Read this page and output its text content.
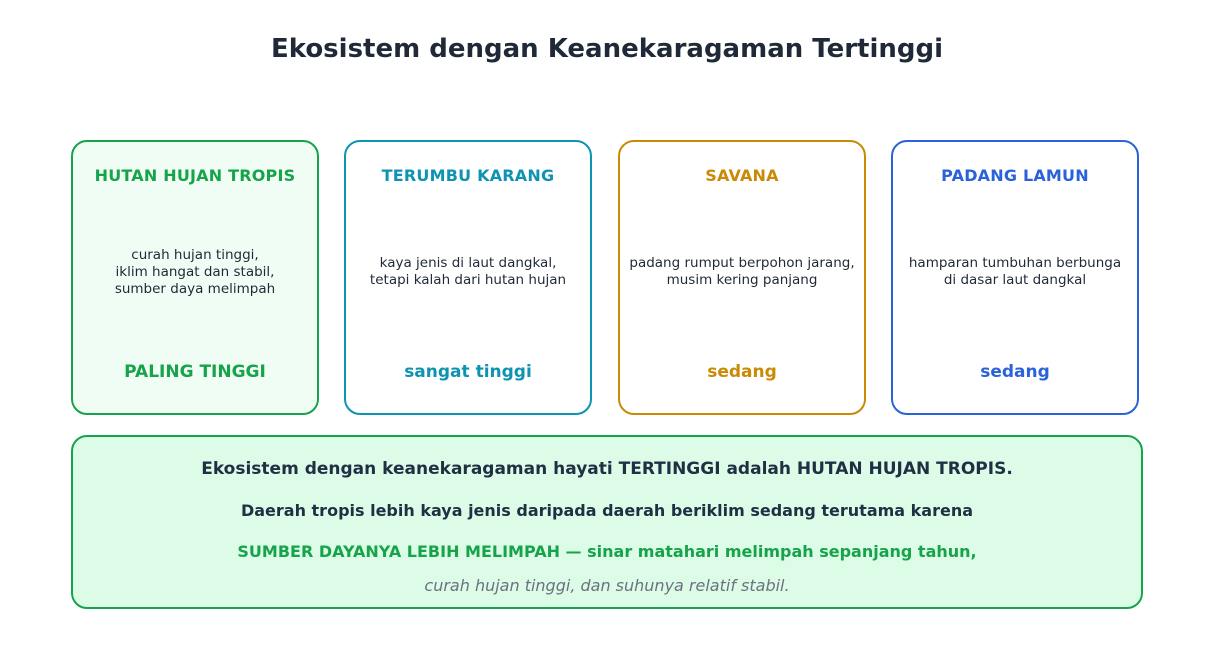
Ekosistem dengan Keanekaragaman Tertinggi
HUTAN HUJAN TROPIS
curah hujan tinggi,
iklim hangat dan stabil,
sumber daya melimpah
PALING TINGGI
TERUMBU KARANG
kaya jenis di laut dangkal,
tetapi kalah dari hutan hujan
sangat tinggi
SAVANA
padang rumput berpohon jarang,
musim kering panjang
sedang
PADANG LAMUN
hamparan tumbuhan berbunga
di dasar laut dangkal
sedang
Ekosistem dengan keanekaragaman hayati TERTINGGI adalah HUTAN HUJAN TROPIS.
Daerah tropis lebih kaya jenis daripada daerah beriklim sedang terutama karena
SUMBER DAYANYA LEBIH MELIMPAH — sinar matahari melimpah sepanjang tahun,
curah hujan tinggi, dan suhunya relatif stabil.
